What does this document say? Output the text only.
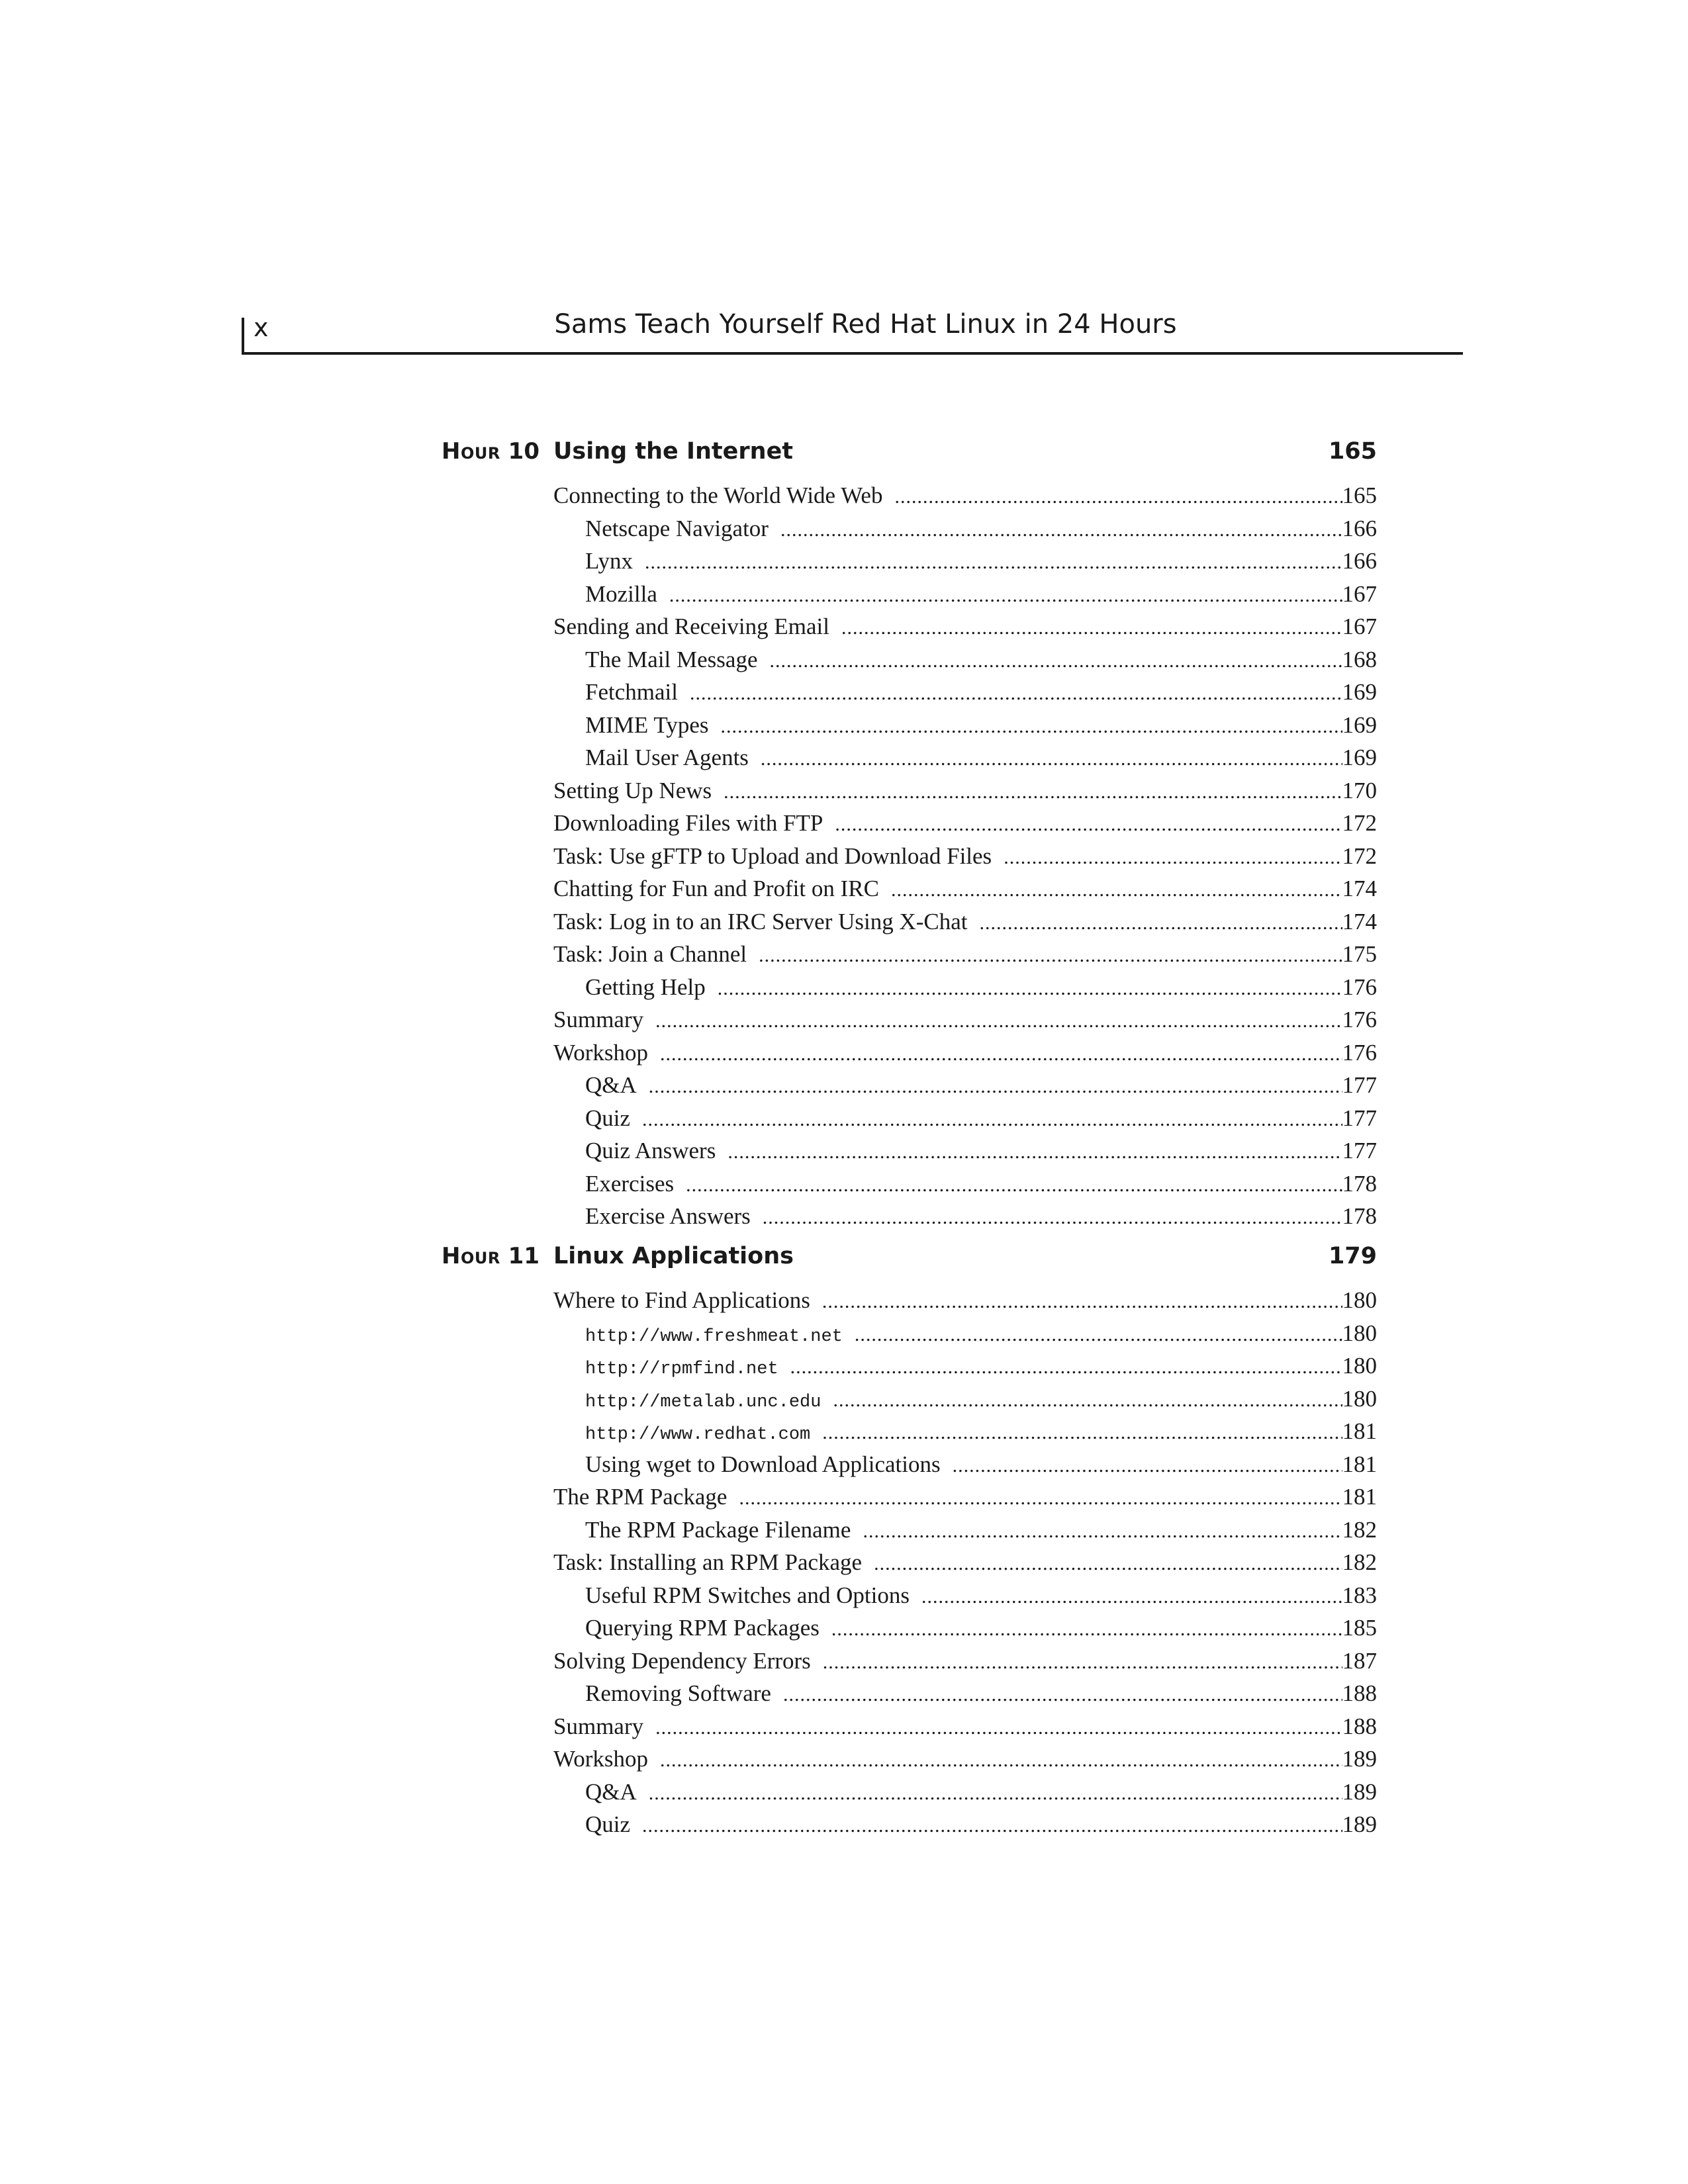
x	Sams Teach Yourself Red Hat Linux in 24 Hours
Hour 10 Using the Internet	165
Connecting to the World Wide Web .....	165
Netscape Navigator .....	166
Lynx .....	166
Mozilla .....	167
Sending and Receiving Email .....	167
The Mail Message .....	168
Fetchmail .....	169
MIME Types .....	169
Mail User Agents .....	169
Setting Up News .....	170
Downloading Files with FTP .....	172
Task: Use gFTP to Upload and Download Files .....	172
Chatting for Fun and Profit on IRC .....	174
Task: Log in to an IRC Server Using X-Chat .....	174
Task: Join a Channel .....	175
Getting Help .....	176
Summary .....	176
Workshop .....	176
Q&A .....	177
Quiz .....	177
Quiz Answers .....	177
Exercises .....	178
Exercise Answers .....	178
Hour 11 Linux Applications	179
Where to Find Applications .....	180
http://www.freshmeat.net .....	180
http://rpmfind.net .....	180
http://metalab.unc.edu .....	180
http://www.redhat.com .....	181
Using wget to Download Applications .....	181
The RPM Package .....	181
The RPM Package Filename .....	182
Task: Installing an RPM Package .....	182
Useful RPM Switches and Options .....	183
Querying RPM Packages .....	185
Solving Dependency Errors .....	187
Removing Software .....	188
Summary .....	188
Workshop .....	189
Q&A .....	189
Quiz .....	189
